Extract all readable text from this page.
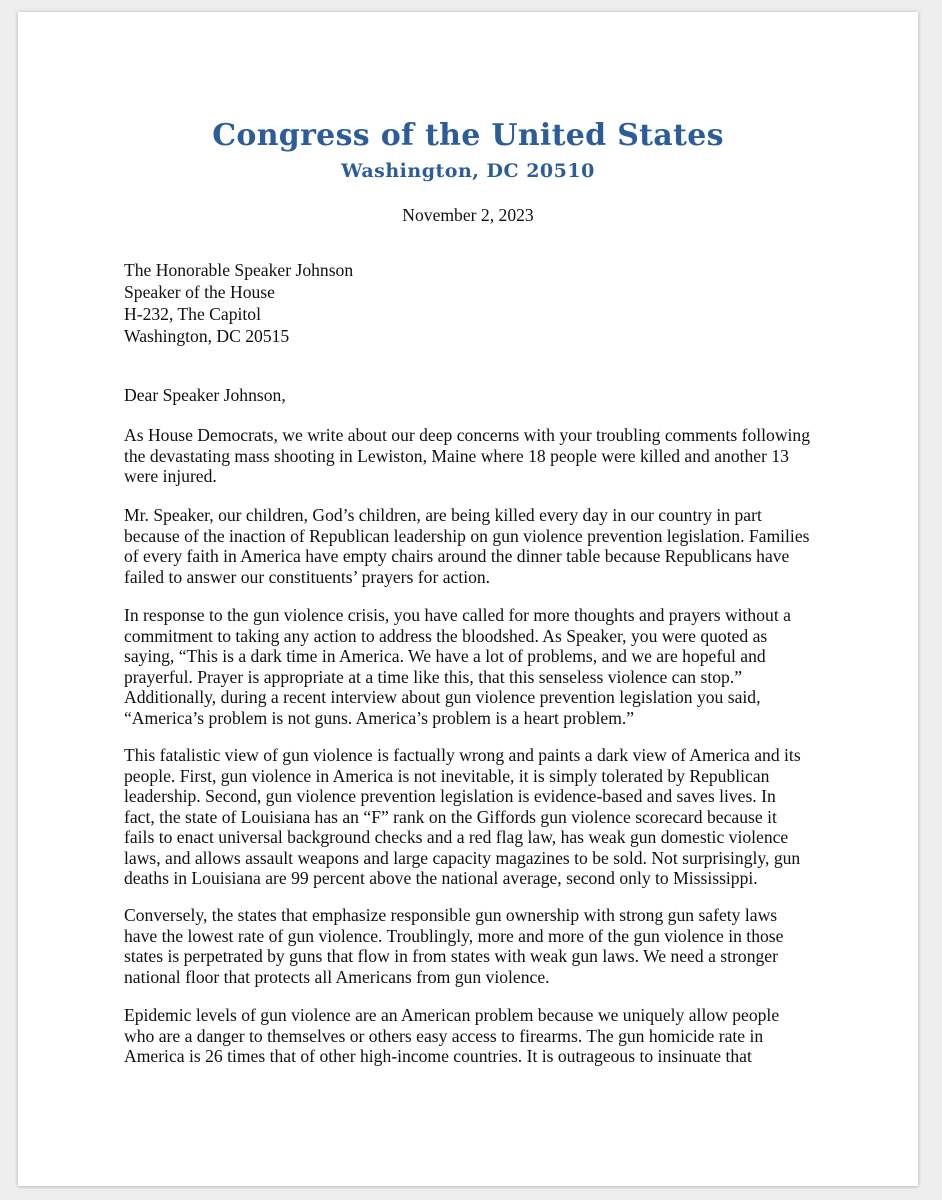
Congress of the United States
Washington, DC 20510
November 2, 2023
The Honorable Speaker Johnson
Speaker of the House
H-232, The Capitol
Washington, DC 20515
Dear Speaker Johnson,
As House Democrats, we write about our deep concerns with your troubling comments following
the devastating mass shooting in Lewiston, Maine where 18 people were killed and another 13
were injured.
Mr. Speaker, our children, God’s children, are being killed every day in our country in part
because of the inaction of Republican leadership on gun violence prevention legislation. Families
of every faith in America have empty chairs around the dinner table because Republicans have
failed to answer our constituents’ prayers for action.
In response to the gun violence crisis, you have called for more thoughts and prayers without a
commitment to taking any action to address the bloodshed. As Speaker, you were quoted as
saying, “This is a dark time in America. We have a lot of problems, and we are hopeful and
prayerful. Prayer is appropriate at a time like this, that this senseless violence can stop.”
Additionally, during a recent interview about gun violence prevention legislation you said,
“America’s problem is not guns. America’s problem is a heart problem.”
This fatalistic view of gun violence is factually wrong and paints a dark view of America and its
people. First, gun violence in America is not inevitable, it is simply tolerated by Republican
leadership. Second, gun violence prevention legislation is evidence-based and saves lives. In
fact, the state of Louisiana has an “F” rank on the Giffords gun violence scorecard because it
fails to enact universal background checks and a red flag law, has weak gun domestic violence
laws, and allows assault weapons and large capacity magazines to be sold. Not surprisingly, gun
deaths in Louisiana are 99 percent above the national average, second only to Mississippi.
Conversely, the states that emphasize responsible gun ownership with strong gun safety laws
have the lowest rate of gun violence. Troublingly, more and more of the gun violence in those
states is perpetrated by guns that flow in from states with weak gun laws. We need a stronger
national floor that protects all Americans from gun violence.
Epidemic levels of gun violence are an American problem because we uniquely allow people
who are a danger to themselves or others easy access to firearms. The gun homicide rate in
America is 26 times that of other high-income countries. It is outrageous to insinuate that
